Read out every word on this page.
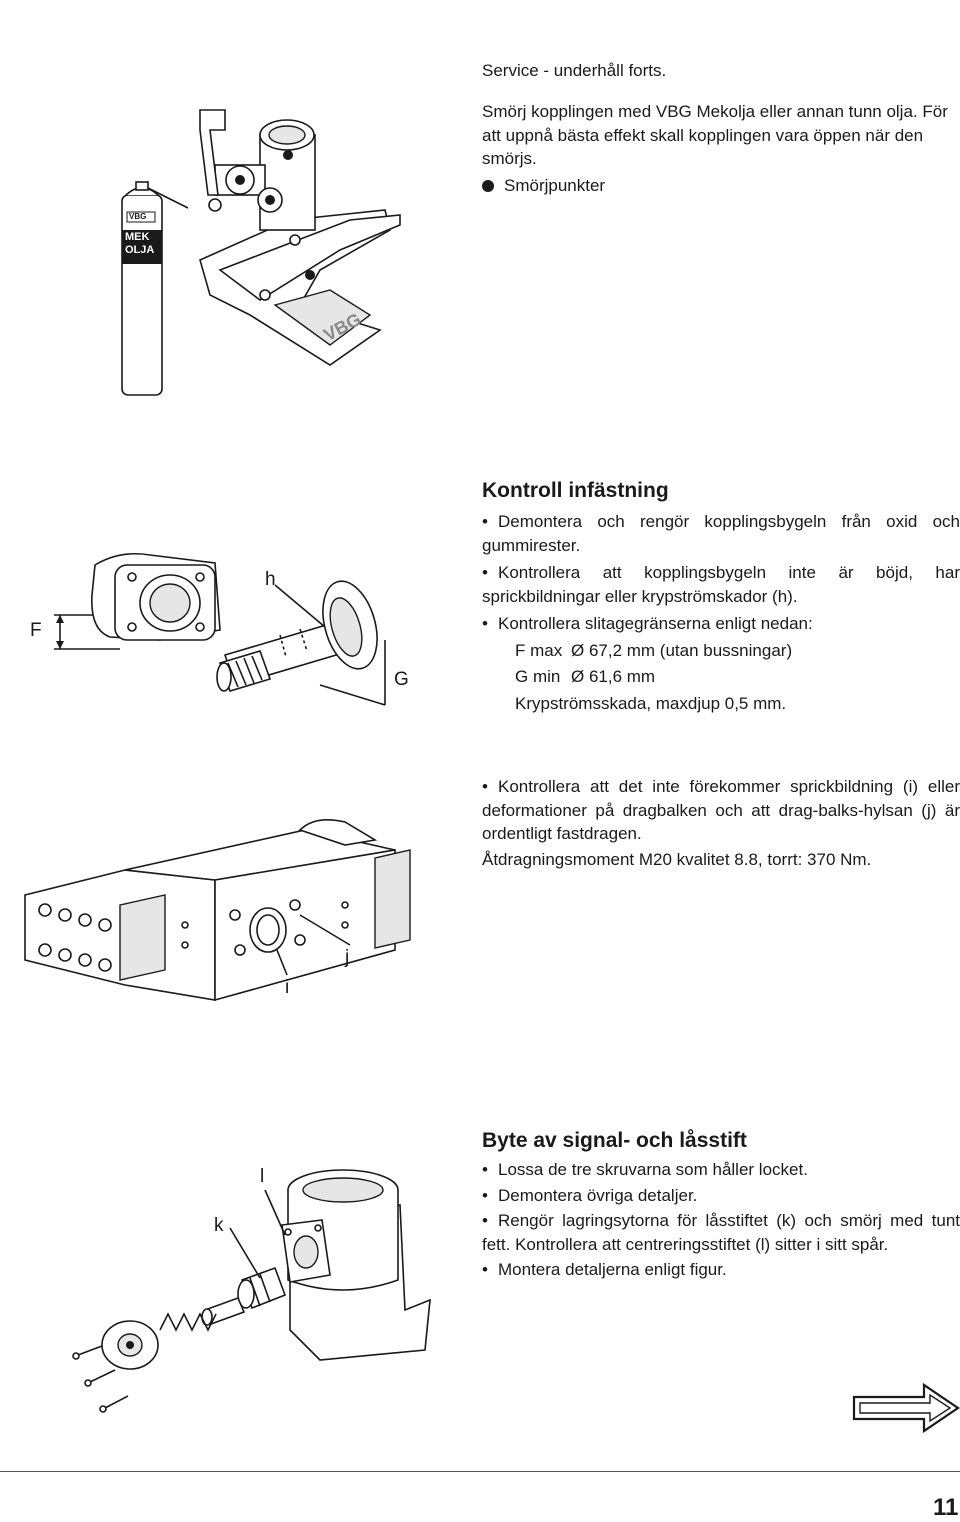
VBG
MEK
OLJA
VBG
Service - underhåll forts.
Smörj kopplingen med VBG Mekolja eller annan tunn olja. För att uppnå bästa effekt skall kopplingen vara öppen när den smörjs.
Smörjpunkter
F
h
G
Kontroll infästning
• Demontera och rengör kopplingsbygeln från oxid och gummirester.
• Kontrollera att kopplingsbygeln inte är böjd, har sprickbildningar eller krypströmskador (h).
• Kontrollera slitagegränserna enligt nedan:
F max Ø 67,2 mm (utan bussningar)
G min Ø 61,6 mm
Krypströmsskada, maxdjup 0,5 mm.
i
j
• Kontrollera att det inte förekommer sprickbildning (i) eller deformationer på dragbalken och att drag-balks-hylsan (j) är ordentligt fastdragen.
Åtdragningsmoment M20 kvalitet 8.8, torrt: 370 Nm.
k
l
Byte av signal- och låsstift
• Lossa de tre skruvarna som håller locket.
• Demontera övriga detaljer.
• Rengör lagringsytorna för låsstiftet (k) och smörj med tunt fett. Kontrollera att centreringsstiftet (l) sitter i sitt spår.
• Montera detaljerna enligt figur.
11
